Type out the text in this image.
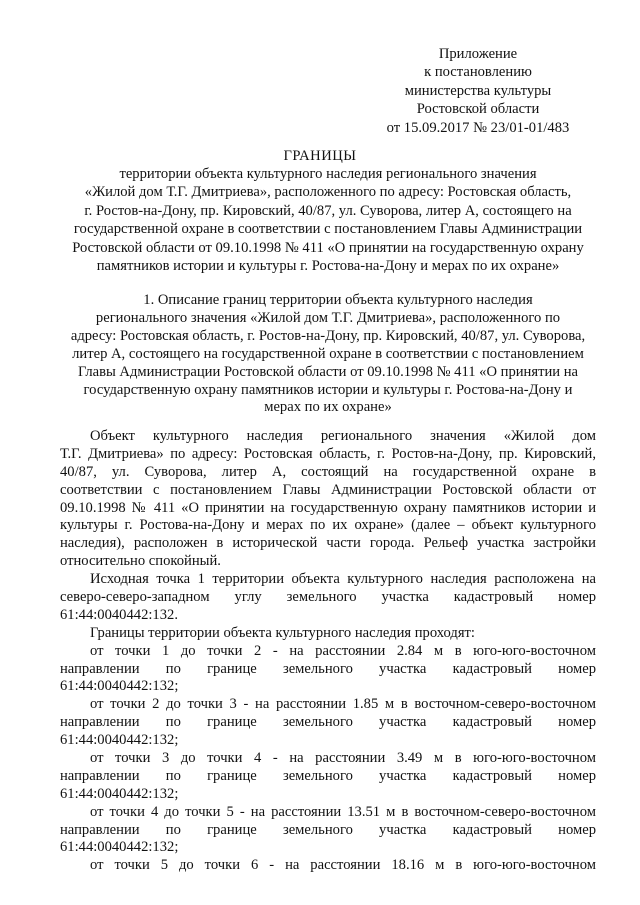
Приложение
к постановлению
министерства культуры
Ростовской области
от 15.09.2017 № 23/01-01/483
ГРАНИЦЫ
территории объекта культурного наследия регионального значения
«Жилой дом Т.Г. Дмитриева», расположенного по адресу: Ростовская область,
г. Ростов-на-Дону, пр. Кировский, 40/87, ул. Суворова, литер А, состоящего на
государственной охране в соответствии с постановлением Главы Администрации
Ростовской области от 09.10.1998 № 411 «О принятии на государственную охрану
памятников истории и культуры г. Ростова-на-Дону и мерах по их охране»
1. Описание границ территории объекта культурного наследия
регионального значения «Жилой дом Т.Г. Дмитриева», расположенного по
адресу: Ростовская область, г. Ростов-на-Дону, пр. Кировский, 40/87, ул. Суворова,
литер А, состоящего на государственной охране в соответствии с постановлением
Главы Администрации Ростовской области от 09.10.1998 № 411 «О принятии на
государственную охрану памятников истории и культуры г. Ростова-на-Дону и
мерах по их охране»
Объект культурного наследия регионального значения «Жилой дом
Т.Г. Дмитриева» по адресу: Ростовская область, г. Ростов-на-Дону, пр. Кировский,
40/87, ул. Суворова, литер А, состоящий на государственной охране в
соответствии с постановлением Главы Администрации Ростовской области от
09.10.1998 № 411 «О принятии на государственную охрану памятников истории и
культуры г. Ростова-на-Дону и мерах по их охране» (далее – объект культурного
наследия), расположен в исторической части города. Рельеф участка застройки
относительно спокойный.
Исходная точка 1 территории объекта культурного наследия расположена на
северо-северо-западном углу земельного участка кадастровый номер
61:44:0040442:132.
Границы территории объекта культурного наследия проходят:
от точки 1 до точки 2 - на расстоянии 2.84 м в юго-юго-восточном
направлении по границе земельного участка кадастровый номер
61:44:0040442:132;
от точки 2 до точки 3 - на расстоянии 1.85 м в восточном-северо-восточном
направлении по границе земельного участка кадастровый номер
61:44:0040442:132;
от точки 3 до точки 4 - на расстоянии 3.49 м в юго-юго-восточном
направлении по границе земельного участка кадастровый номер
61:44:0040442:132;
от точки 4 до точки 5 - на расстоянии 13.51 м в восточном-северо-восточном
направлении по границе земельного участка кадастровый номер
61:44:0040442:132;
от точки 5 до точки 6 - на расстоянии 18.16 м в юго-юго-восточном
